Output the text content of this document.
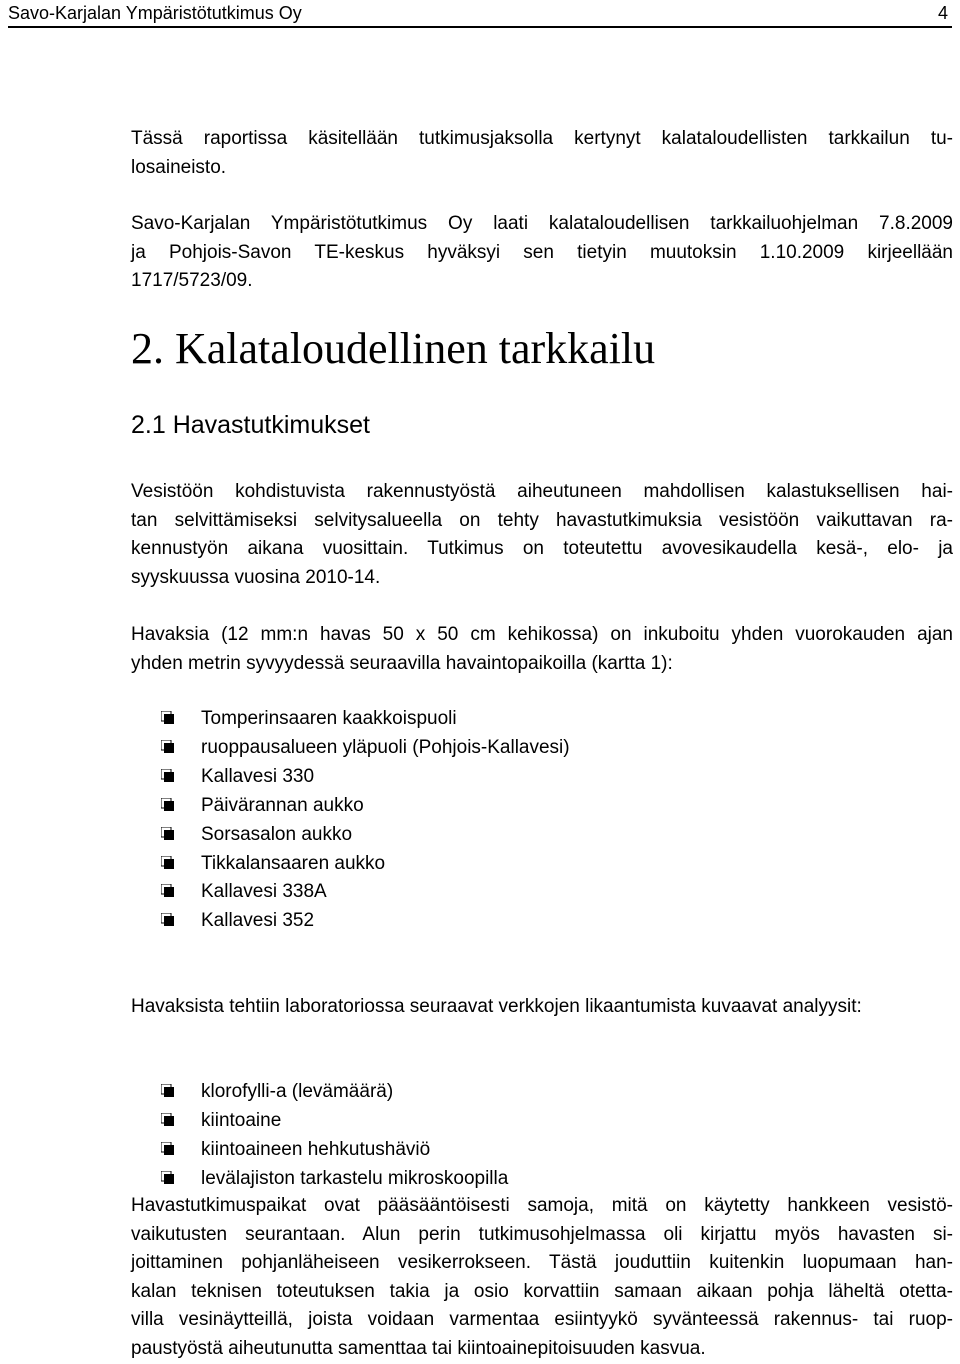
Savo-Karjalan Ympäristötutkimus Oy	4

Tässä raportissa käsitellään tutkimusjaksolla kertynyt kalataloudellisten tarkkailun tu-
losaineisto.

Savo-Karjalan Ympäristötutkimus Oy laati kalataloudellisen tarkkailuohjelman 7.8.2009
ja Pohjois-Savon TE-keskus hyväksyi sen tietyin muutoksin 1.10.2009 kirjeellään
1717/5723/09.

2. Kalataloudellinen tarkkailu
2.1 Havastutkimukset

Vesistöön kohdistuvista rakennustyöstä aiheutuneen mahdollisen kalastuksellisen hai-
tan selvittämiseksi selvitysalueella on tehty havastutkimuksia vesistöön vaikuttavan ra-
kennustyön aikana vuosittain. Tutkimus on toteutettu avovesikaudella kesä-, elo- ja
syyskuussa vuosina 2010-14.

Havaksia (12 mm:n havas 50 x 50 cm kehikossa) on inkuboitu yhden vuorokauden ajan
yhden metrin syvyydessä seuraavilla havaintopaikoilla (kartta 1):

Tomperinsaaren kaakkoispuoli
ruoppausalueen yläpuoli (Pohjois-Kallavesi)
Kallavesi 330
Päivärannan aukko
Sorsasalon aukko
Tikkalansaaren aukko
Kallavesi 338A
Kallavesi 352

Havaksista tehtiin laboratoriossa seuraavat verkkojen likaantumista kuvaavat analyysit:

klorofylli-a (levämäärä)
kiintoaine
kiintoaineen hehkutushäviö
levälajiston tarkastelu mikroskoopilla

Havastutkimuspaikat ovat pääsääntöisesti samoja, mitä on käytetty hankkeen vesistö-
vaikutusten seurantaan. Alun perin tutkimusohjelmassa oli kirjattu myös havasten si-
joittaminen pohjanläheiseen vesikerrokseen. Tästä jouduttiin kuitenkin luopumaan han-
kalan teknisen toteutuksen takia ja osio korvattiin samaan aikaan pohja läheltä otetta-
villa vesinäytteillä, joista voidaan varmentaa esiintyykö syvänteessä rakennus- tai ruop-
paustyöstä aiheutunutta samenttaa tai kiintoainepitoisuuden kasvua.
